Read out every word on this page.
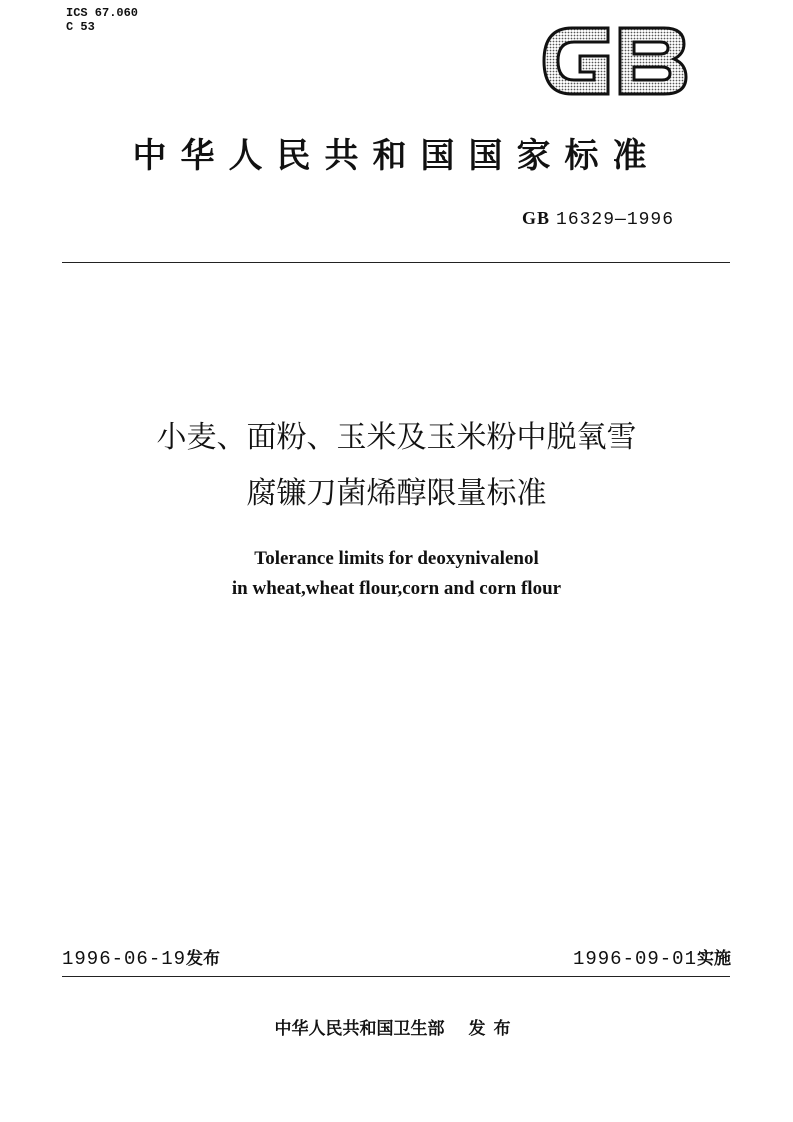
ICS 67.060
C 53
中华人民共和国国家标准
GB 16329—1996
小麦、面粉、玉米及玉米粉中脱氧雪
腐镰刀菌烯醇限量标准
Tolerance limits for deoxynivalenol
in wheat,wheat flour,corn and corn flour
1996-06-19发布	1996-09-01实施
中华人民共和国卫生部 发布
